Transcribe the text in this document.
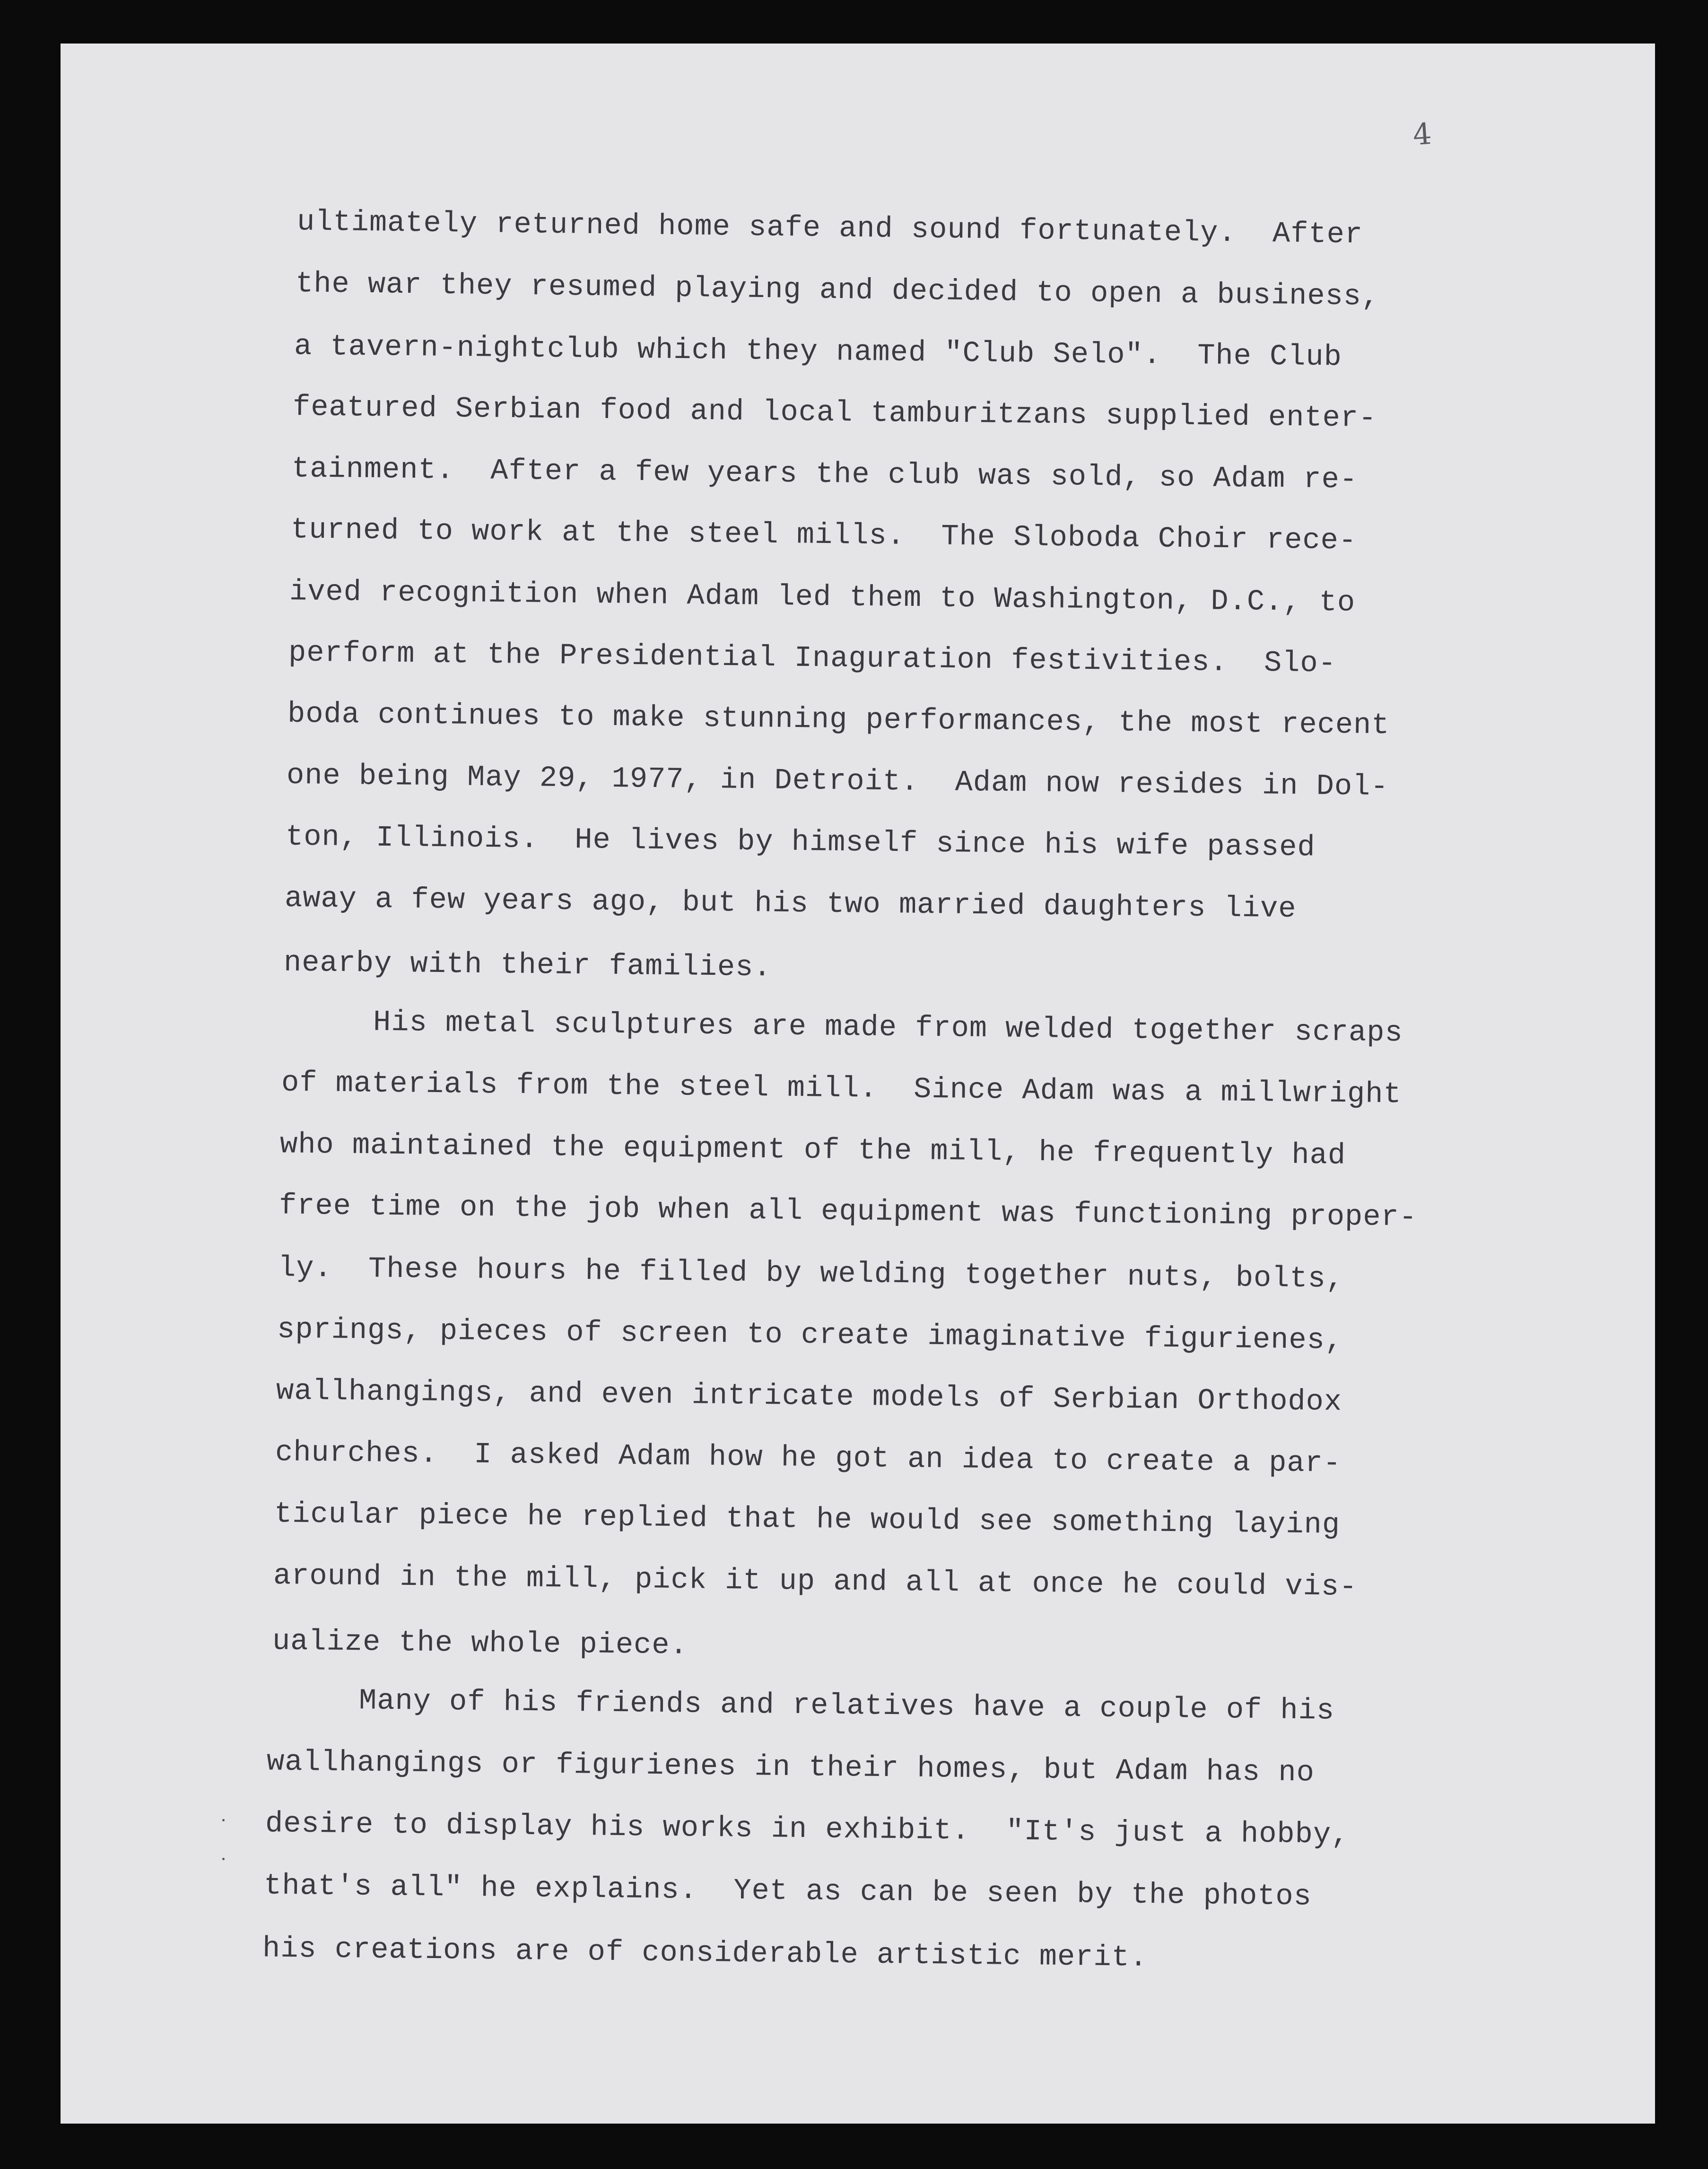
4

ultimately returned home safe and sound fortunately.  After

the war they resumed playing and decided to open a business,

a tavern-nightclub which they named "Club Selo".  The Club

featured Serbian food and local tamburitzans supplied enter-

tainment.  After a few years the club was sold, so Adam re-

turned to work at the steel mills.  The Sloboda Choir rece-

ived recognition when Adam led them to Washington, D.C., to

perform at the Presidential Inaguration festivities.  Slo-

boda continues to make stunning performances, the most recent

one being May 29, 1977, in Detroit.  Adam now resides in Dol-

ton, Illinois.  He lives by himself since his wife passed

away a few years ago, but his two married daughters live

nearby with their families.

His metal sculptures are made from welded together scraps

of materials from the steel mill.  Since Adam was a millwright

who maintained the equipment of the mill, he frequently had

free time on the job when all equipment was functioning proper-

ly.  These hours he filled by welding together nuts, bolts,

springs, pieces of screen to create imaginative figurienes,

wallhangings, and even intricate models of Serbian Orthodox

churches.  I asked Adam how he got an idea to create a par-

ticular piece he replied that he would see something laying

around in the mill, pick it up and all at once he could vis-

ualize the whole piece.

Many of his friends and relatives have a couple of his

wallhangings or figurienes in their homes, but Adam has no

desire to display his works in exhibit.  "It's just a hobby,

that's all" he explains.  Yet as can be seen by the photos

his creations are of considerable artistic merit.
